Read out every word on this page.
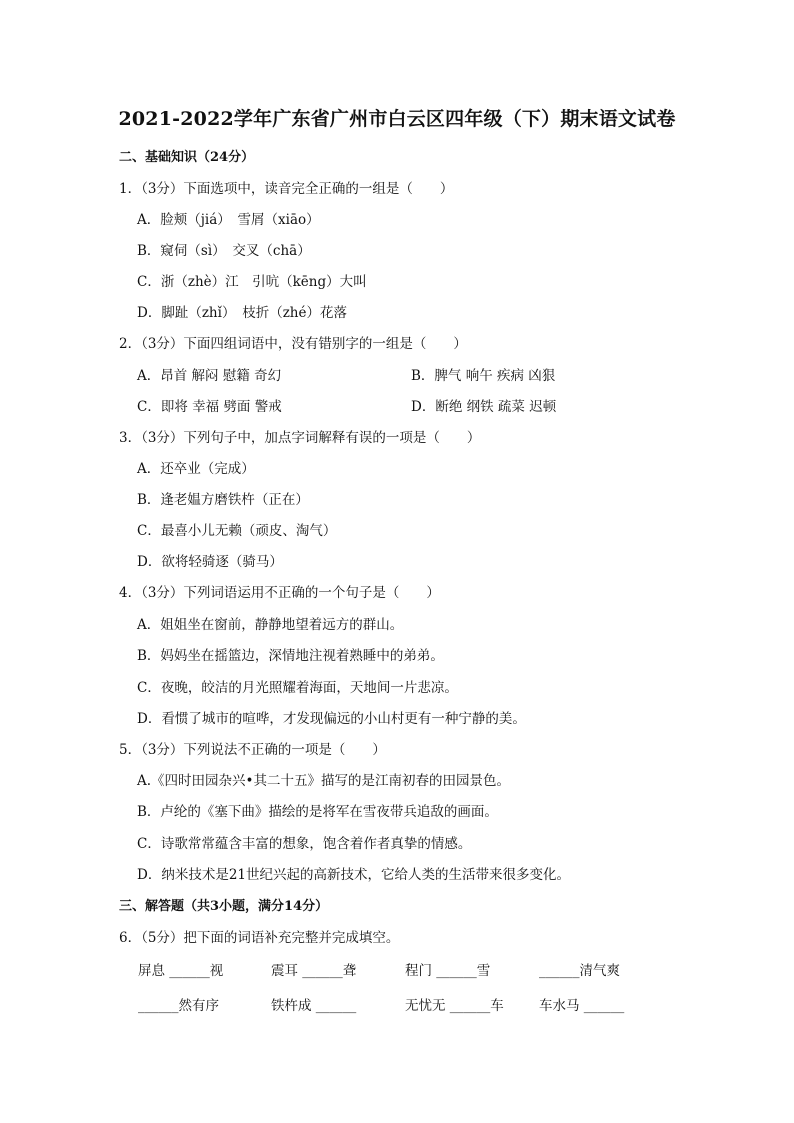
2021-2022学年广东省广州市白云区四年级（下）期末语文试卷
二、基础知识（24分）
1．（3分）下面选项中，读音完全正确的一组是（　　）
A．脸颊（jiá）　雪屑（xiāo）
B．窥伺（sì）　交叉（chā）
C．浙（zhè）江　引吭（kēng）大叫
D．脚趾（zhǐ）　枝折（zhé）花落
2．（3分）下面四组词语中，没有错别字的一组是（　　）
A．昂首 解闷 慰籍 奇幻	B．脾气 响午 疾病 凶狠
C．即将 幸福 劈面 警戒	D．断绝 纲铁 疏菜 迟顿
3．（3分）下列句子中，加点字词解释有误的一项是（　　）
A．还卒业（完成）
B．逢老媪方磨铁杵（正在）
C．最喜小儿无赖（顽皮、淘气）
D．欲将轻骑逐（骑马）
4．（3分）下列词语运用不正确的一个句子是（　　）
A．姐姐坐在窗前，静静地望着远方的群山。
B．妈妈坐在摇篮边，深情地注视着熟睡中的弟弟。
C．夜晚，皎洁的月光照耀着海面，天地间一片悲凉。
D．看惯了城市的喧哗，才发现偏远的小山村更有一种宁静的美。
5．（3分）下列说法不正确的一项是（　　）
A.《四时田园杂兴•其二十五》描写的是江南初春的田园景色。
B．卢纶的《塞下曲》描绘的是将军在雪夜带兵追敌的画面。
C．诗歌常常蕴含丰富的想象，饱含着作者真挚的情感。
D．纳米技术是21世纪兴起的高新技术，它给人类的生活带来很多变化。
三、解答题（共3小题，满分14分）
6．（5分）把下面的词语补充完整并完成填空。
屏息 ______视	震耳 ______聋	程门 ______雪	______清气爽
______然有序	铁杵成 ______	无忧无 ______车	车水马 ______
